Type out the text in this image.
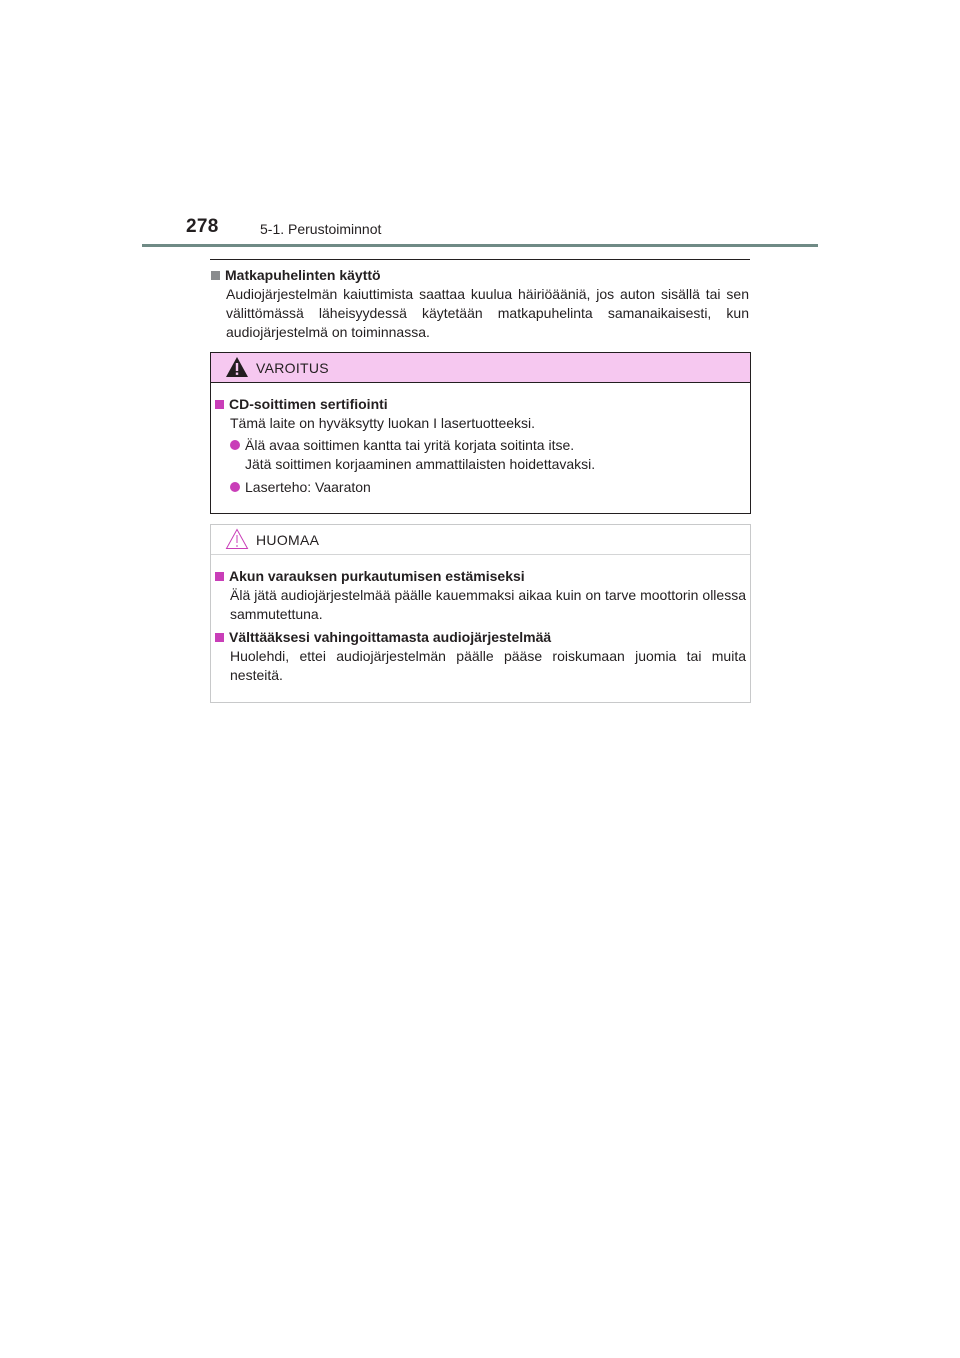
278	5-1. Perustoiminnot
Matkapuhelinten käyttö
Audiojärjestelmän kaiuttimista saattaa kuulua häiriöääniä, jos auton sisällä tai sen välittömässä läheisyydessä käytetään matkapuhelinta samanaikaisesti, kun audiojärjestelmä on toiminnassa.
VAROITUS
CD-soittimen sertifiointi
Tämä laite on hyväksytty luokan I lasertuotteeksi.
Älä avaa soittimen kantta tai yritä korjata soitinta itse.
Jätä soittimen korjaaminen ammattilaisten hoidettavaksi.
Laserteho: Vaaraton
HUOMAA
Akun varauksen purkautumisen estämiseksi
Älä jätä audiojärjestelmää päälle kauemmaksi aikaa kuin on tarve moottorin ollessa sammutettuna.
Välttääksesi vahingoittamasta audiojärjestelmää
Huolehdi, ettei audiojärjestelmän päälle pääse roiskumaan juomia tai muita nesteitä.
